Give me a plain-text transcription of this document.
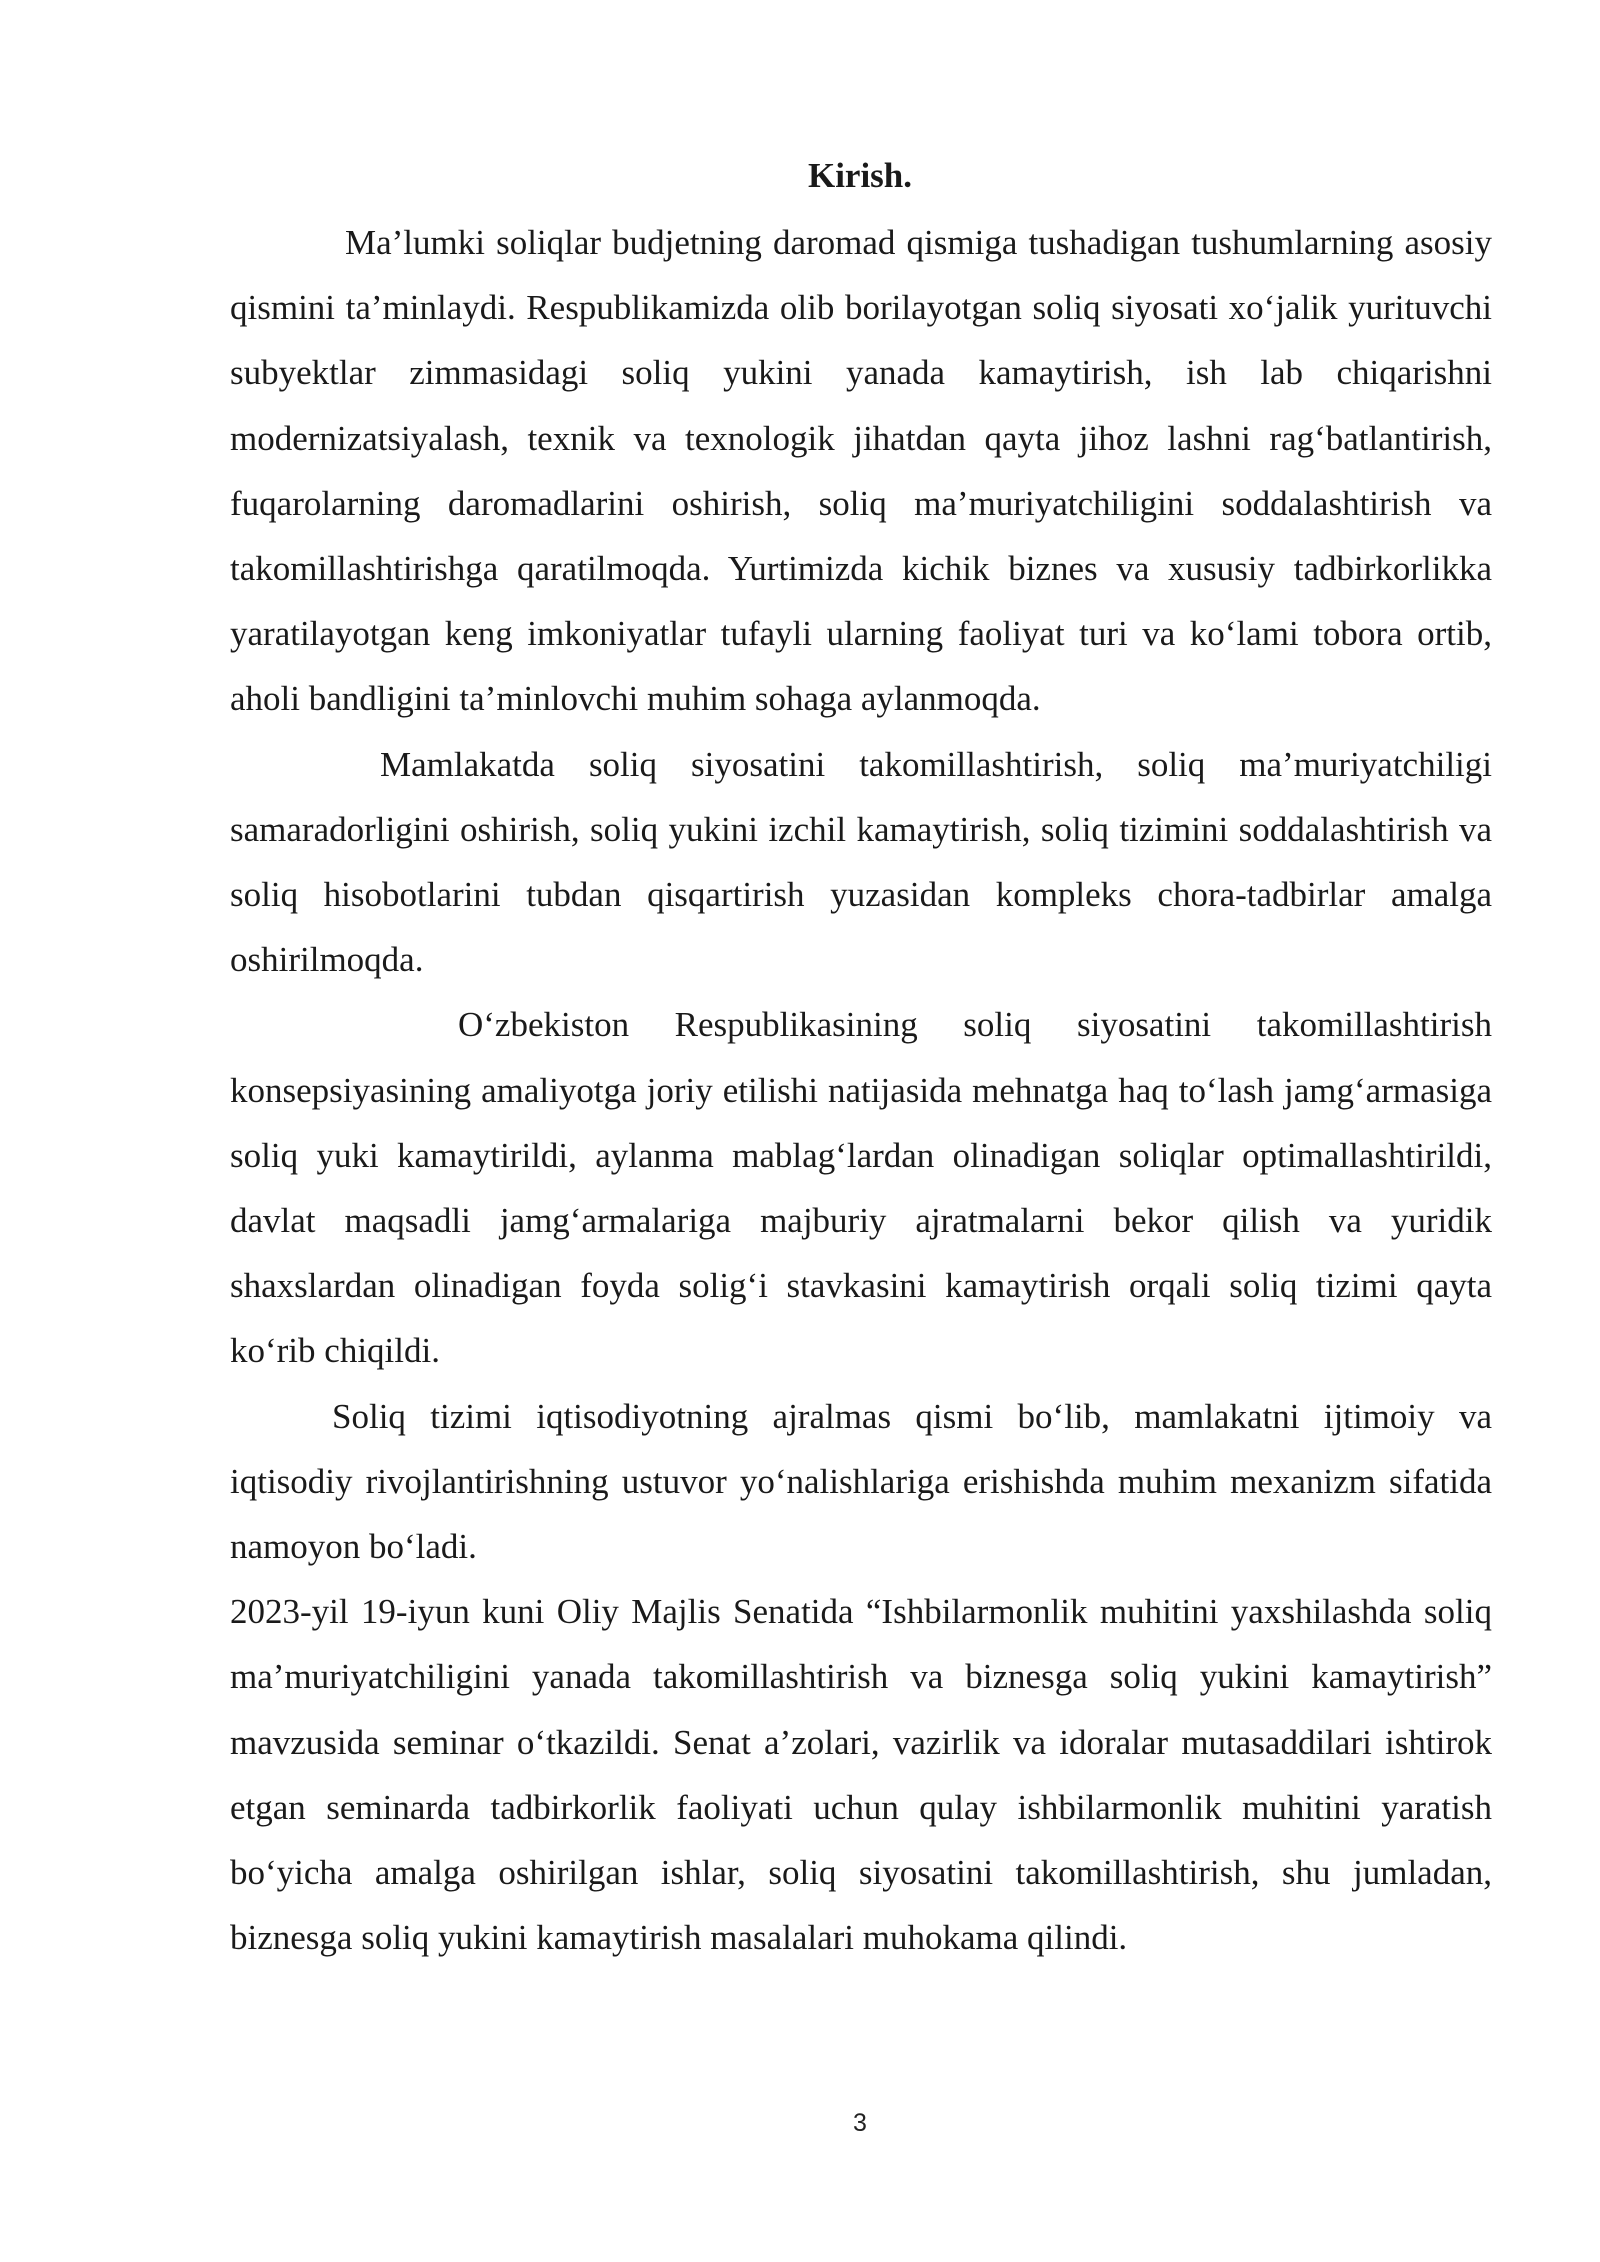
Kirish.

Ma’lumki soliqlar budjetning daromad qismiga tushadigan tushumlarning asosiy qismini ta’minlaydi. Respublikamizda olib borilayotgan soliq siyosati xo‘jalik yurituvchi subyektlar zimmasidagi soliq yukini yanada kamaytirish, ish lab chiqarishni modernizatsiyalash, texnik va texnologik jihatdan qayta jihoz lashni rag‘batlantirish, fuqarolarning daromadlarini oshirish, soliq ma’muriyatchiligini soddalashtirish va takomillashtirishga qaratilmoqda. Yurtimizda kichik biznes va xususiy tadbirkorlikka yaratilayotgan keng imkoniyatlar tufayli ularning faoliyat turi va ko‘lami tobora ortib, aholi bandligini ta’minlovchi muhim sohaga aylanmoqda.

Mamlakatda soliq siyosatini takomillashtirish, soliq ma’muriyatchiligi samaradorligini oshirish, soliq yukini izchil kamaytirish, soliq tizimini soddalashtirish va soliq hisobotlarini tubdan qisqartirish yuzasidan kompleks chora-tadbirlar amalga oshirilmoqda.

O‘zbekiston Respublikasining soliq siyosatini takomillashtirish konsepsiyasining amaliyotga joriy etilishi natijasida mehnatga haq to‘lash jamg‘armasiga soliq yuki kamaytirildi, aylanma mablag‘lardan olinadigan soliqlar optimallashtirildi, davlat maqsadli jamg‘armalariga majburiy ajratmalarni bekor qilish va yuridik shaxslardan olinadigan foyda solig‘i stavkasini kamaytirish orqali soliq tizimi qayta ko‘rib chiqildi.

Soliq tizimi iqtisodiyotning ajralmas qismi bo‘lib, mamlakatni ijtimoiy va iqtisodiy rivojlantirishning ustuvor yo‘nalishlariga erishishda muhim mexanizm sifatida namoyon bo‘ladi.

2023-yil 19-iyun kuni Oliy Majlis Senatida “Ishbilarmonlik muhitini yaxshilashda soliq ma’muriyatchiligini yanada takomillashtirish va biznesga soliq yukini kamaytirish” mavzusida seminar o‘tkazildi. Senat a’zolari, vazirlik va idoralar mutasaddilari ishtirok etgan seminarda tadbirkorlik faoliyati uchun qulay ishbilarmonlik muhitini yaratish bo‘yicha amalga oshirilgan ishlar, soliq siyosatini takomillashtirish, shu jumladan, biznesga soliq yukini kamaytirish masalalari muhokama qilindi.

3
